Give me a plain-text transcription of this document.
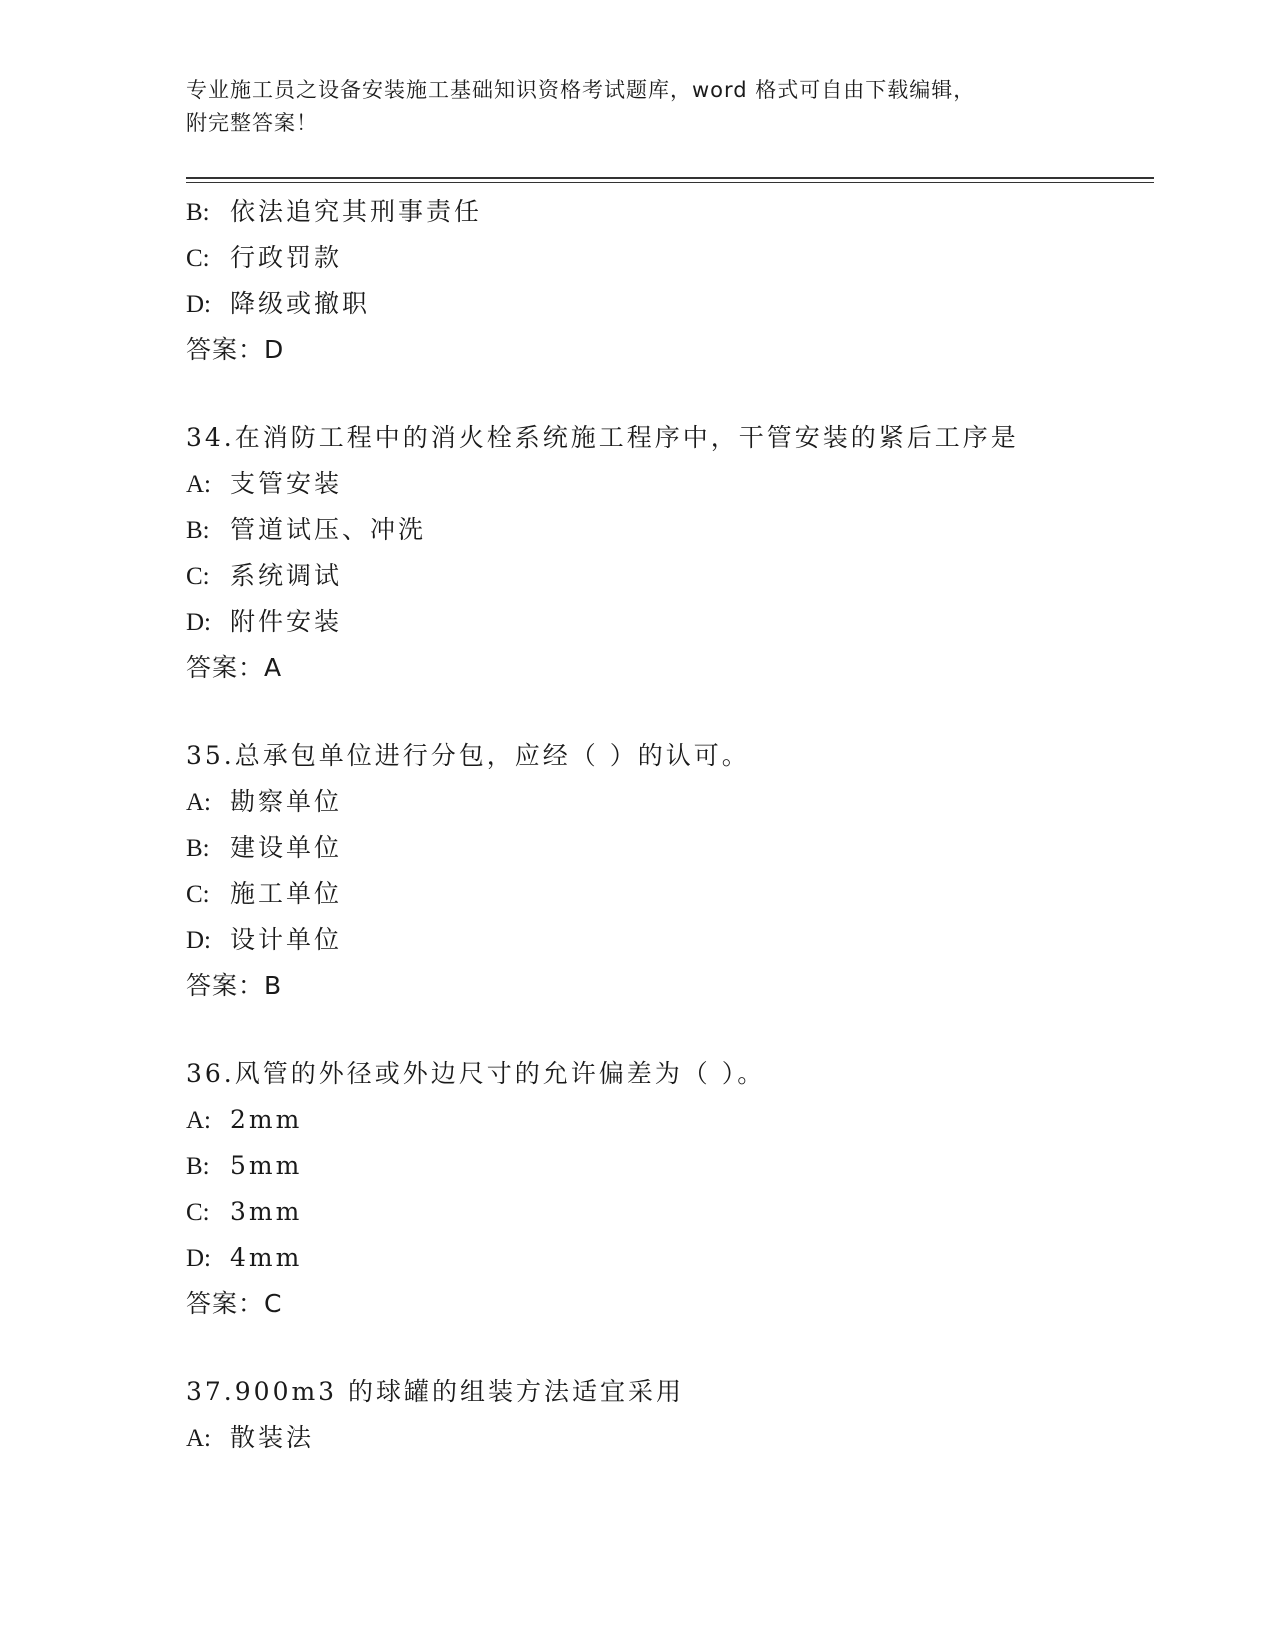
专业施工员之设备安装施工基础知识资格考试题库，word 格式可自由下载编辑，
附完整答案！
B: 依法追究其刑事责任
C: 行政罚款
D: 降级或撤职
答案：D
34.在消防工程中的消火栓系统施工程序中，干管安装的紧后工序是
A: 支管安装
B: 管道试压、冲洗
C: 系统调试
D: 附件安装
答案：A
35.总承包单位进行分包，应经（ ）的认可。
A: 勘察单位
B: 建设单位
C: 施工单位
D: 设计单位
答案：B
36.风管的外径或外边尺寸的允许偏差为（ ）。
A: 2mm
B: 5mm
C: 3mm
D: 4mm
答案：C
37.900m3 的球罐的组装方法适宜采用
A: 散装法
